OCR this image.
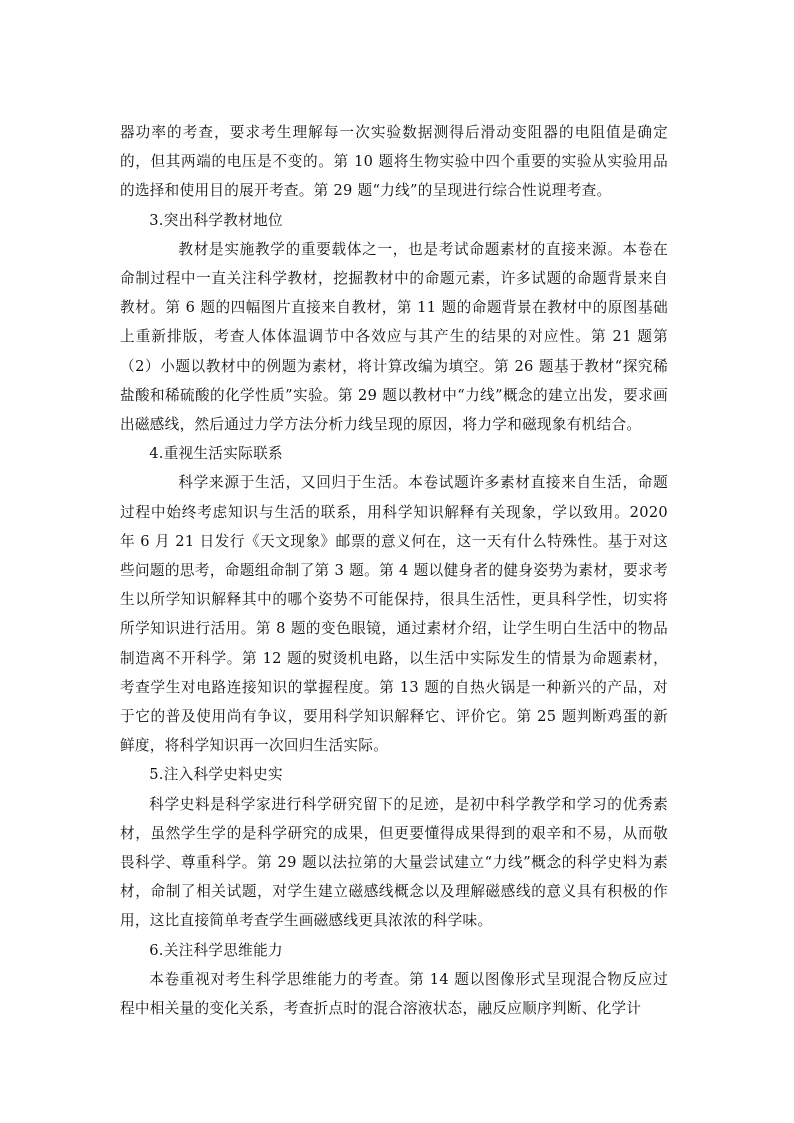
器功率的考查，要求考生理解每一次实验数据测得后滑动变阻器的电阻值是确定的，但其两端的电压是不变的。第 10 题将生物实验中四个重要的实验从实验用品的选择和使用目的展开考查。第 29 题“力线”的呈现进行综合性说理考查。

3.突出科学教材地位

教材是实施教学的重要载体之一，也是考试命题素材的直接来源。本卷在命制过程中一直关注科学教材，挖掘教材中的命题元素，许多试题的命题背景来自教材。第 6 题的四幅图片直接来自教材，第 11 题的命题背景在教材中的原图基础上重新排版，考查人体体温调节中各效应与其产生的结果的对应性。第 21 题第（2）小题以教材中的例题为素材，将计算改编为填空。第 26 题基于教材“探究稀盐酸和稀硫酸的化学性质”实验。第 29 题以教材中“力线”概念的建立出发，要求画出磁感线，然后通过力学方法分析力线呈现的原因，将力学和磁现象有机结合。

4.重视生活实际联系

科学来源于生活，又回归于生活。本卷试题许多素材直接来自生活，命题过程中始终考虑知识与生活的联系，用科学知识解释有关现象，学以致用。2020 年 6 月 21 日发行《天文现象》邮票的意义何在，这一天有什么特殊性。基于对这些问题的思考，命题组命制了第 3 题。第 4 题以健身者的健身姿势为素材，要求考生以所学知识解释其中的哪个姿势不可能保持，很具生活性，更具科学性，切实将所学知识进行活用。第 8 题的变色眼镜，通过素材介绍，让学生明白生活中的物品制造离不开科学。第 12 题的熨烫机电路，以生活中实际发生的情景为命题素材，考查学生对电路连接知识的掌握程度。第 13 题的自热火锅是一种新兴的产品，对于它的普及使用尚有争议，要用科学知识解释它、评价它。第 25 题判断鸡蛋的新鲜度，将科学知识再一次回归生活实际。

5.注入科学史料史实

科学史料是科学家进行科学研究留下的足迹，是初中科学教学和学习的优秀素材，虽然学生学的是科学研究的成果，但更要懂得成果得到的艰辛和不易，从而敬畏科学、尊重科学。第 29 题以法拉第的大量尝试建立“力线”概念的科学史料为素材，命制了相关试题，对学生建立磁感线概念以及理解磁感线的意义具有积极的作用，这比直接简单考查学生画磁感线更具浓浓的科学味。

6.关注科学思维能力

本卷重视对考生科学思维能力的考查。第 14 题以图像形式呈现混合物反应过程中相关量的变化关系，考查折点时的混合溶液状态，融反应顺序判断、化学计
